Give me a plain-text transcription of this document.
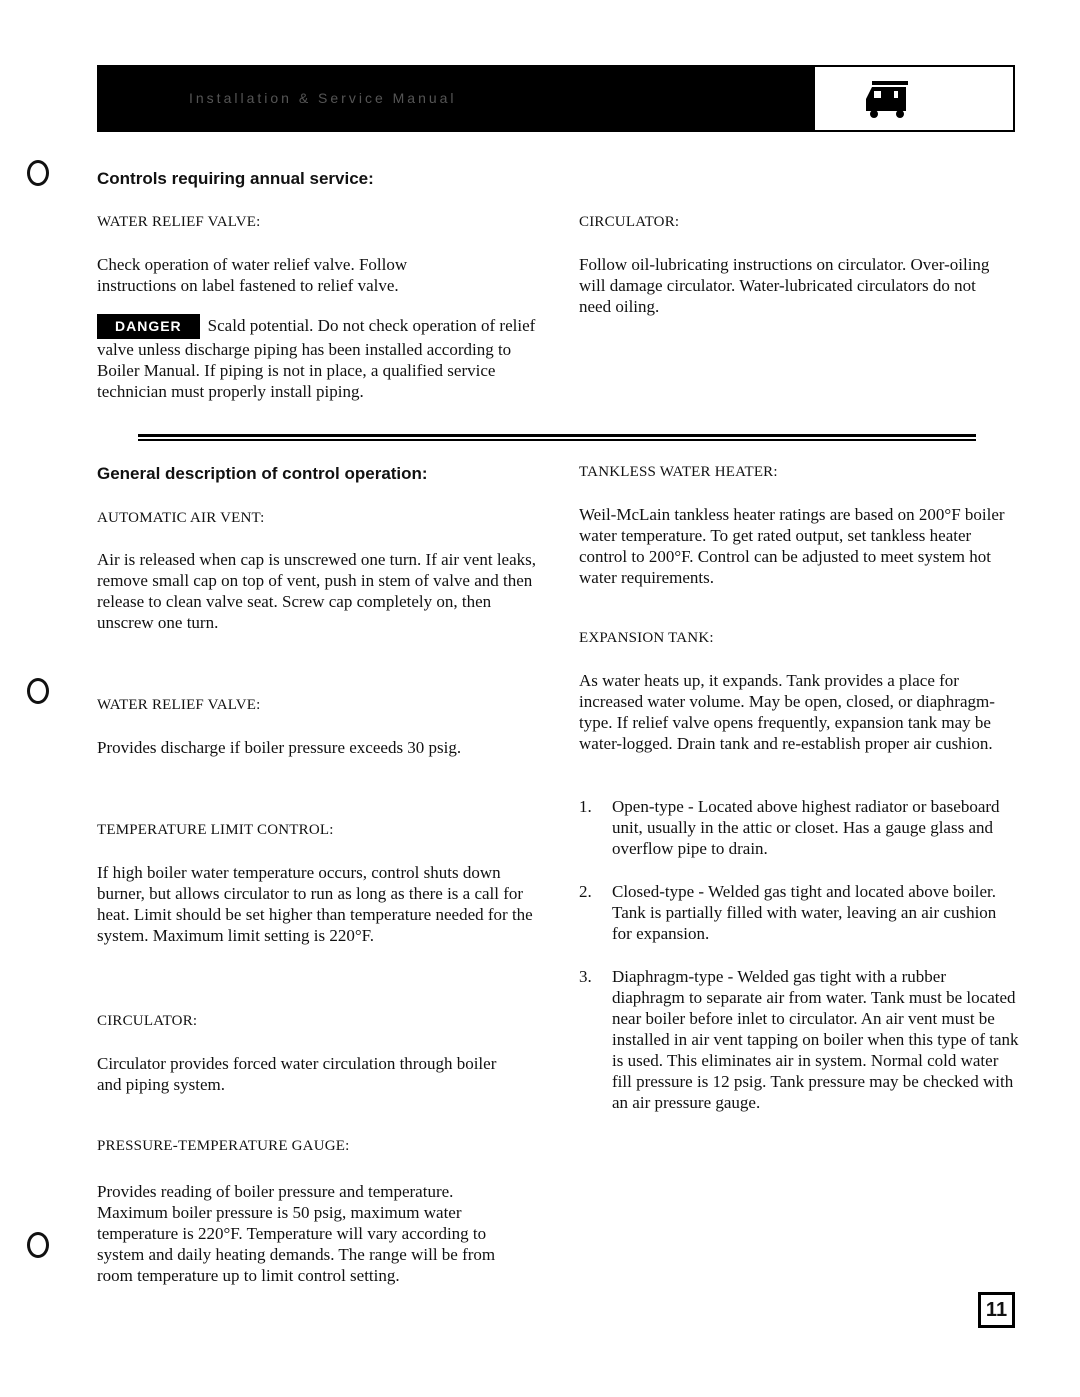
Installation & Service Manual
Controls requiring annual service:
WATER RELIEF VALVE:

Check operation of water relief valve. Follow instructions on label fastened to relief valve.

DANGER Scald potential. Do not check operation of relief valve unless discharge piping has been installed according to Boiler Manual. If piping is not in place, a qualified service technician must properly install piping.

CIRCULATOR:

Follow oil-lubricating instructions on circulator. Over-oiling will damage circulator. Water-lubricated circulators do not need oiling.

General description of control operation:
AUTOMATIC AIR VENT:

Air is released when cap is unscrewed one turn. If air vent leaks, remove small cap on top of vent, push in stem of valve and then release to clean valve seat. Screw cap completely on, then unscrew one turn.

WATER RELIEF VALVE:

Provides discharge if boiler pressure exceeds 30 psig.

TEMPERATURE LIMIT CONTROL:

If high boiler water temperature occurs, control shuts down burner, but allows circulator to run as long as there is a call for heat. Limit should be set higher than temperature needed for the system. Maximum limit setting is 220°F.

CIRCULATOR:

Circulator provides forced water circulation through boiler and piping system.

PRESSURE-TEMPERATURE GAUGE:

Provides reading of boiler pressure and temperature. Maximum boiler pressure is 50 psig, maximum water temperature is 220°F. Temperature will vary according to system and daily heating demands. The range will be from room temperature up to limit control setting.

TANKLESS WATER HEATER:

Weil-McLain tankless heater ratings are based on 200°F boiler water temperature. To get rated output, set tankless heater control to 200°F. Control can be adjusted to meet system hot water requirements.

EXPANSION TANK:

As water heats up, it expands. Tank provides a place for increased water volume. May be open, closed, or diaphragm-type. If relief valve opens frequently, expansion tank may be water-logged. Drain tank and re-establish proper air cushion.

1. Open-type - Located above highest radiator or baseboard unit, usually in the attic or closet. Has a gauge glass and overflow pipe to drain.
2. Closed-type - Welded gas tight and located above boiler. Tank is partially filled with water, leaving an air cushion for expansion.
3. Diaphragm-type - Welded gas tight with a rubber diaphragm to separate air from water. Tank must be located near boiler before inlet to circulator. An air vent must be installed in air vent tapping on boiler when this type of tank is used. This eliminates air in system. Normal cold water fill pressure is 12 psig. Tank pressure may be checked with an air pressure gauge.
11
